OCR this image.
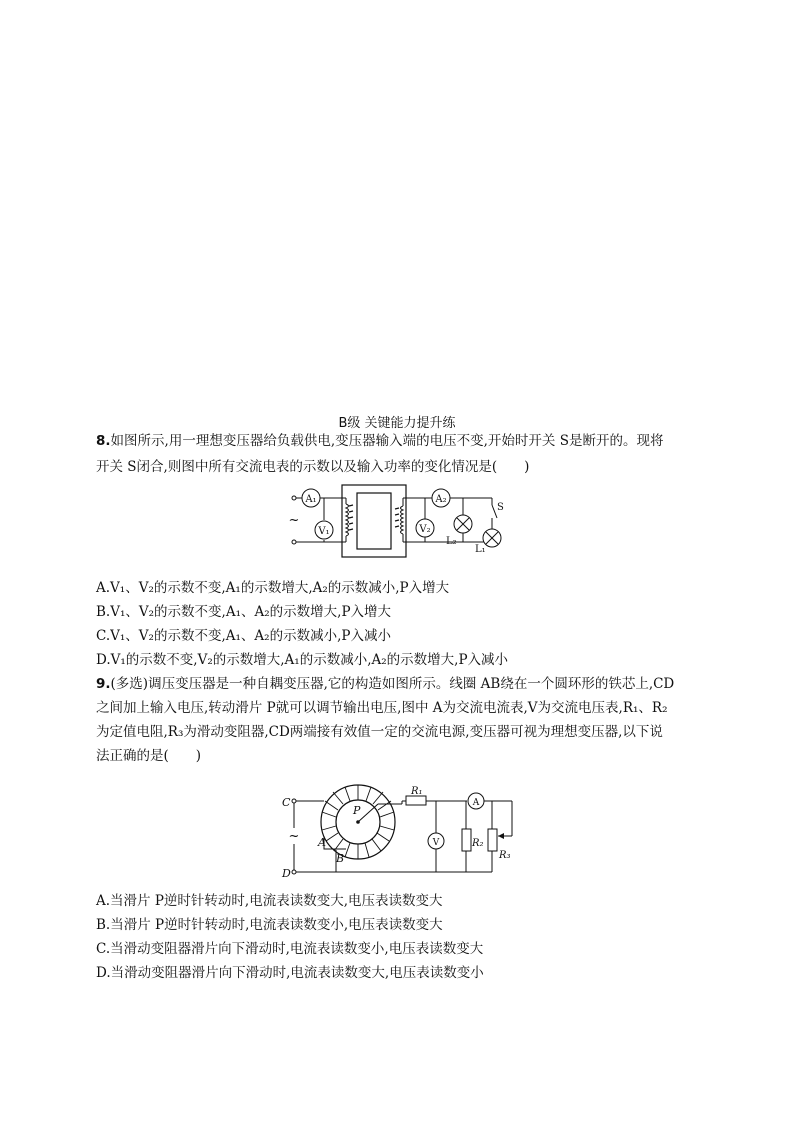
B级 关键能力提升练
8.如图所示,用一理想变压器给负载供电,变压器输入端的电压不变,开始时开关 S是断开的。现将
开关 S闭合,则图中所有交流电表的示数以及输入功率的变化情况是(　　)
~
A₁
V₁
A₂
V₂
S
L₂
L₁
A.V₁、V₂的示数不变,A₁的示数增大,A₂的示数减小,P入增大
B.V₁、V₂的示数不变,A₁、A₂的示数增大,P入增大
C.V₁、V₂的示数不变,A₁、A₂的示数减小,P入减小
D.V₁的示数不变,V₂的示数增大,A₁的示数减小,A₂的示数增大,P入减小
9.(多选)调压变压器是一种自耦变压器,它的构造如图所示。线圈 AB绕在一个圆环形的铁芯上,CD
之间加上输入电压,转动滑片 P就可以调节输出电压,图中 A为交流电流表,V为交流电压表,R₁、R₂
为定值电阻,R₃为滑动变阻器,CD两端接有效值一定的交流电源,变压器可视为理想变压器,以下说
法正确的是(　　)
C
D
~ A
B
P
R₁
A
V	R₂
R₃
A.当滑片 P逆时针转动时,电流表读数变大,电压表读数变大
B.当滑片 P逆时针转动时,电流表读数变小,电压表读数变大
C.当滑动变阻器滑片向下滑动时,电流表读数变小,电压表读数变大
D.当滑动变阻器滑片向下滑动时,电流表读数变大,电压表读数变小
